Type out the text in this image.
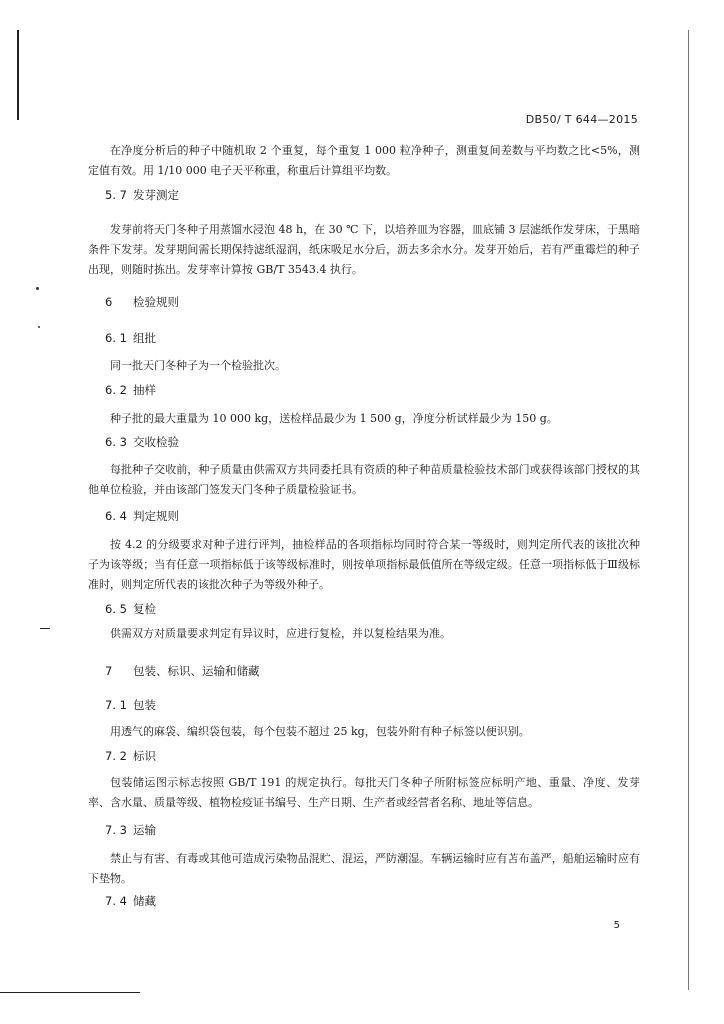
DB50/ T 644—2015

在净度分析后的种子中随机取 2 个重复，每个重复 1 000 粒净种子，测重复间差数与平均数之比<5%，测定值有效。用 1/10 000 电子天平称重，称重后计算组平均数。

5. 7 发芽测定

发芽前将天门冬种子用蒸馏水浸泡 48 h，在 30 ℃ 下，以培养皿为容器，皿底铺 3 层滤纸作发芽床，于黑暗条件下发芽。发芽期间需长期保持滤纸湿润，纸床吸足水分后，沥去多余水分。发芽开始后，若有严重霉烂的种子出现，则随时拣出。发芽率计算按 GB/T 3543.4 执行。

6 检验规则
6. 1 组批

同一批天门冬种子为一个检验批次。

6. 2 抽样

种子批的最大重量为 10 000 kg，送检样品最少为 1 500 g，净度分析试样最少为 150 g。

6. 3 交收检验

每批种子交收前，种子质量由供需双方共同委托具有资质的种子种苗质量检验技术部门或获得该部门授权的其他单位检验，并由该部门签发天门冬种子质量检验证书。

6. 4 判定规则

按 4.2 的分级要求对种子进行评判，抽检样品的各项指标均同时符合某一等级时，则判定所代表的该批次种子为该等级；当有任意一项指标低于该等级标准时，则按单项指标最低值所在等级定级。任意一项指标低于Ⅲ级标准时，则判定所代表的该批次种子为等级外种子。

6. 5 复检

供需双方对质量要求判定有异议时，应进行复检，并以复检结果为准。

7 包装、标识、运输和储藏
7. 1 包装

用透气的麻袋、编织袋包装，每个包装不超过 25 kg，包装外附有种子标签以便识别。

7. 2 标识

包装储运图示标志按照 GB/T 191 的规定执行。每批天门冬种子所附标签应标明产地、重量、净度、发芽率、含水量、质量等级、植物检疫证书编号、生产日期、生产者或经营者名称、地址等信息。

7. 3 运输

禁止与有害、有毒或其他可造成污染物品混贮、混运，严防潮湿。车辆运输时应有苫布盖严，船舶运输时应有下垫物。

7. 4 储藏
5
